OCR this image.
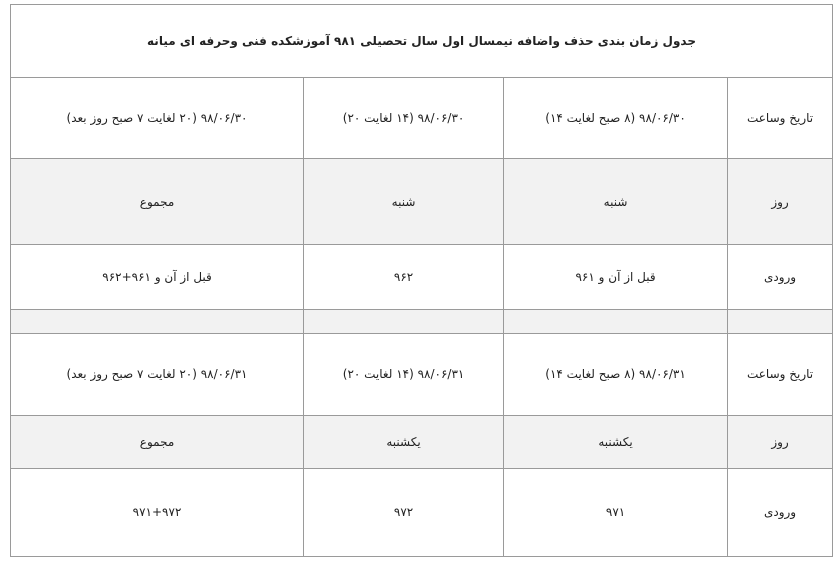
جدول زمان بندی حذف واضافه نیمسال اول سال تحصیلی ۹۸۱ آموزشکده فنی وحرفه ای میانه			
تاریخ وساعت	۹۸/۰۶/۳۰ (۸ صبح لغایت ۱۴)	۹۸/۰۶/۳۰ (۱۴ لغایت ۲۰)	۹۸/۰۶/۳۰ (۲۰ لغایت ۷ صبح روز بعد)
روز	شنبه	شنبه	مجموع
ورودی	قبل از آن و ۹۶۱	۹۶۲	قبل از آن و ۹۶۱+۹۶۲

تاریخ وساعت	۹۸/۰۶/۳۱ (۸ صبح لغایت ۱۴)	۹۸/۰۶/۳۱ (۱۴ لغایت ۲۰)	۹۸/۰۶/۳۱ (۲۰ لغایت ۷ صبح روز بعد)
روز	یکشنبه	یکشنبه	مجموع
ورودی	۹۷۱	۹۷۲	۹۷۱+۹۷۲
